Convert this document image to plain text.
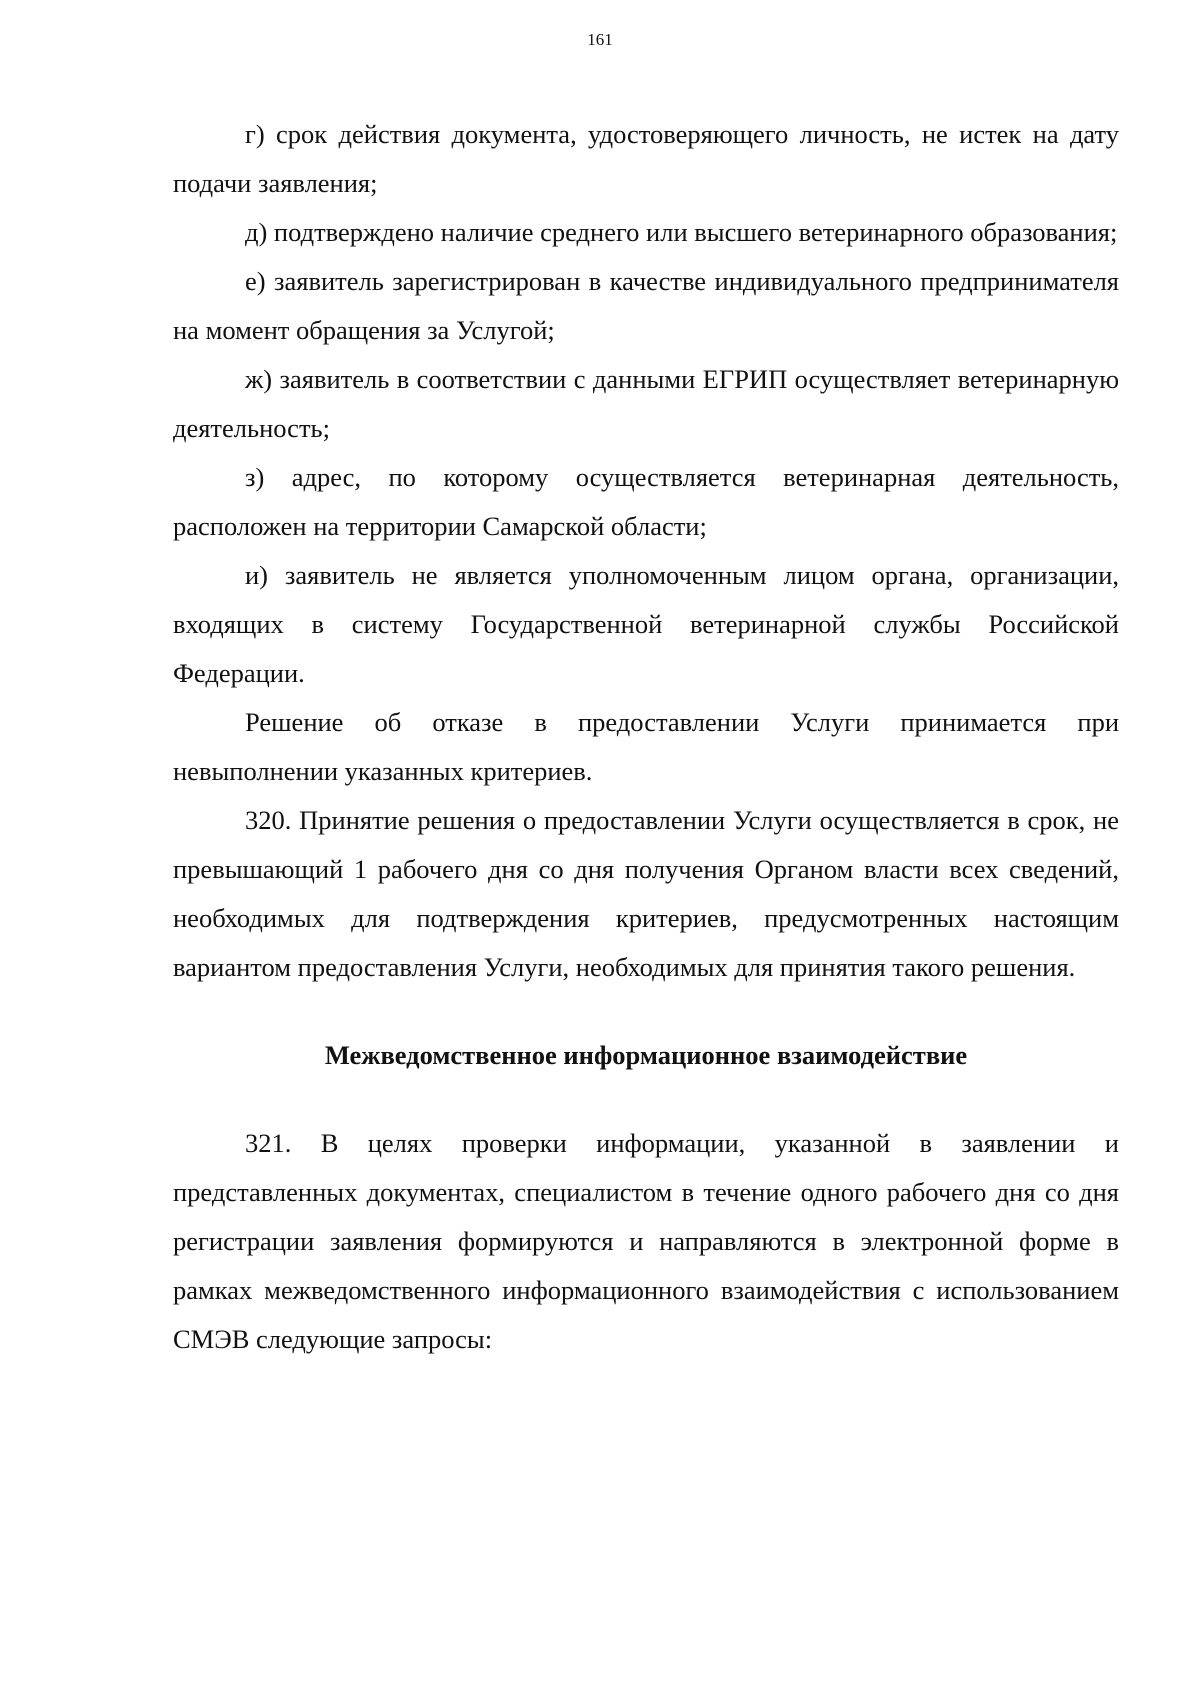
161

г) срок действия документа, удостоверяющего личность, не истек на дату подачи заявления;

д) подтверждено наличие среднего или высшего ветеринарного образования;

е) заявитель зарегистрирован в качестве индивидуального предпринимателя на момент обращения за Услугой;

ж) заявитель в соответствии с данными ЕГРИП осуществляет ветеринарную деятельность;

з) адрес, по которому осуществляется ветеринарная деятельность, расположен на территории Самарской области;

и) заявитель не является уполномоченным лицом органа, организации, входящих в систему Государственной ветеринарной службы Российской Федерации.

Решение об отказе в предоставлении Услуги принимается при невыполнении указанных критериев.

320. Принятие решения о предоставлении Услуги осуществляется в срок, не превышающий 1 рабочего дня со дня получения Органом власти всех сведений, необходимых для подтверждения критериев, предусмотренных настоящим вариантом предоставления Услуги, необходимых для принятия такого решения.

Межведомственное информационное взаимодействие

321. В целях проверки информации, указанной в заявлении и представленных документах, специалистом в течение одного рабочего дня со дня регистрации заявления формируются и направляются в электронной форме в рамках межведомственного информационного взаимодействия с использованием СМЭВ следующие запросы:
